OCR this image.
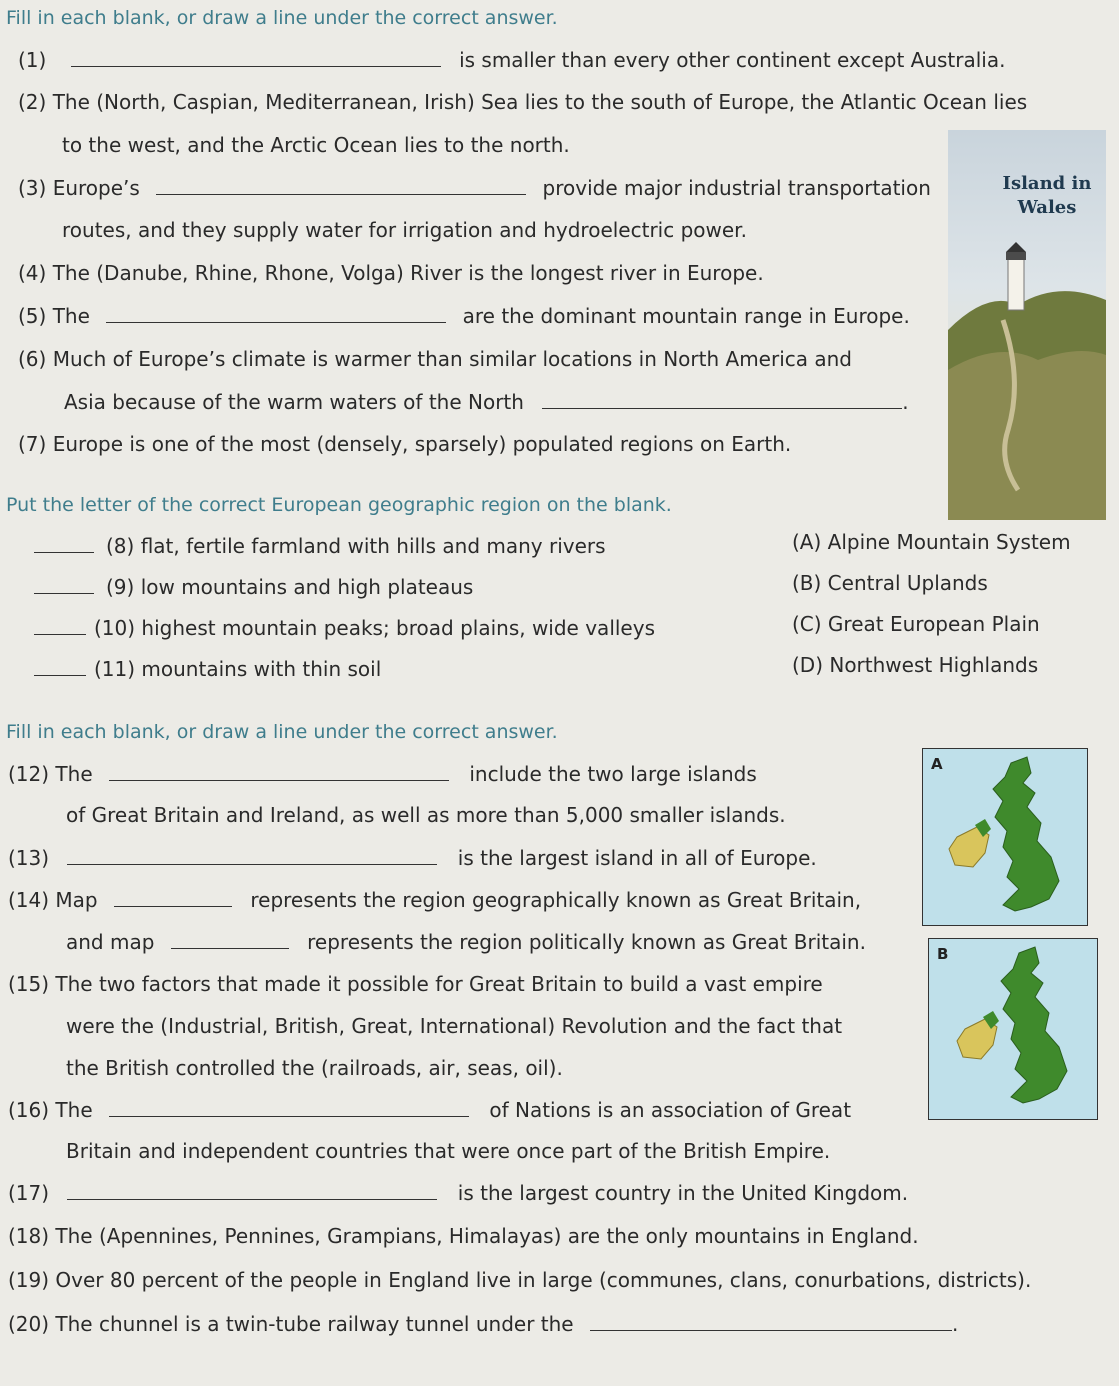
Fill in each blank, or draw a line under the correct answer.
(1)	is smaller than every other continent except Australia.
(2) The (North, Caspian, Mediterranean, Irish) Sea lies to the south of Europe, the Atlantic Ocean lies
to the west, and the Arctic Ocean lies to the north.
(3) Europe’s	provide major industrial transportation
routes, and they supply water for irrigation and hydroelectric power.
(4) The (Danube, Rhine, Rhone, Volga) River is the longest river in Europe.
(5) The	are the dominant mountain range in Europe.
(6) Much of Europe’s climate is warmer than similar locations in North America and
Asia because of the warm waters of the North	.
(7) Europe is one of the most (densely, sparsely) populated regions on Earth.
Island in Wales
Put the letter of the correct European geographic region on the blank.
(8) flat, fertile farmland with hills and many rivers
(9) low mountains and high plateaus
(10) highest mountain peaks; broad plains, wide valleys
(11) mountains with thin soil
(A) Alpine Mountain System
(B) Central Uplands
(C) Great European Plain
(D) Northwest Highlands
Fill in each blank, or draw a line under the correct answer.
(12) The	include the two large islands
of Great Britain and Ireland, as well as more than 5,000 smaller islands.
(13)	is the largest island in all of Europe.
(14) Map	represents the region geographically known as Great Britain,
and map	represents the region politically known as Great Britain.
(15) The two factors that made it possible for Great Britain to build a vast empire
were the (Industrial, British, Great, International) Revolution and the fact that
the British controlled the (railroads, air, seas, oil).
(16) The	of Nations is an association of Great
Britain and independent countries that were once part of the British Empire.
(17)	is the largest country in the United Kingdom.
(18) The (Apennines, Pennines, Grampians, Himalayas) are the only mountains in England.
(19) Over 80 percent of the people in England live in large (communes, clans, conurbations, districts).
(20) The chunnel is a twin-tube railway tunnel under the	.
A
B
